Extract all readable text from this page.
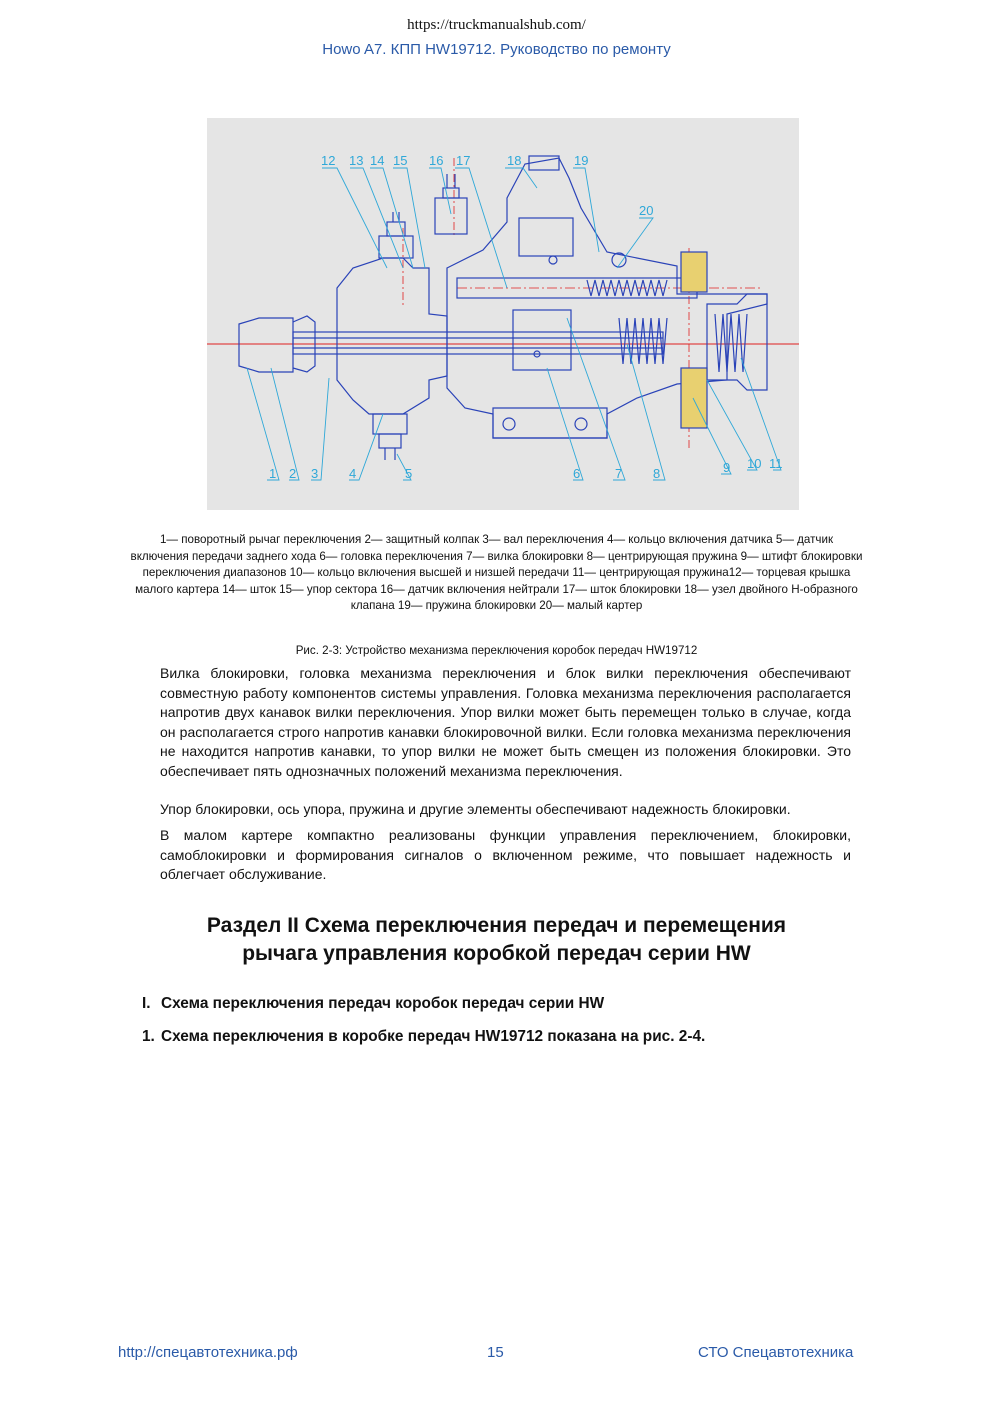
https://truckmanualshub.com/
Howo A7. КПП HW19712. Руководство по ремонту
12 13 14 15 16 17	18	19
20
1 2 3 4	5	6	7 8	9 10 11
1— поворотный рычаг переключения 2— защитный колпак 3— вал переключения 4— кольцо включения датчика 5— датчик включения передачи заднего хода 6— головка переключения 7— вилка блокировки 8— центрирующая пружина 9— штифт блокировки переключения диапазонов 10— кольцо включения высшей и низшей передачи 11— центрирующая пружина12— торцевая крышка малого картера 14— шток 15— упор сектора 16— датчик включения нейтрали 17— шток блокировки 18— узел двойного Н-образного клапана 19— пружина блокировки 20— малый картер
Рис. 2-3: Устройство механизма переключения коробок передач HW19712
Вилка блокировки, головка механизма переключения и блок вилки переключения обеспечивают совместную работу компонентов системы управления. Головка механизма переключения располагается напротив двух канавок вилки переключения. Упор вилки может быть перемещен только в случае, когда он располагается строго напротив канавки блокировочной вилки. Если головка механизма переключения не находится напротив канавки, то упор вилки не может быть смещен из положения блокировки. Это обеспечивает пять однозначных положений механизма переключения.
Упор блокировки, ось упора, пружина и другие элементы обеспечивают надежность блокировки.
В малом картере компактно реализованы функции управления переключением, блокировки, самоблокировки и формирования сигналов о включенном режиме, что повышает надежность и облегчает обслуживание.
Раздел II Схема переключения передач и перемещения
рычага управления коробкой передач серии HW
I. Схема переключения передач коробок передач серии HW
1. Схема переключения в коробке передач HW19712 показана на рис. 2-4.
http://спецавтотехника.рф	15	СТО Спецавтотехника
